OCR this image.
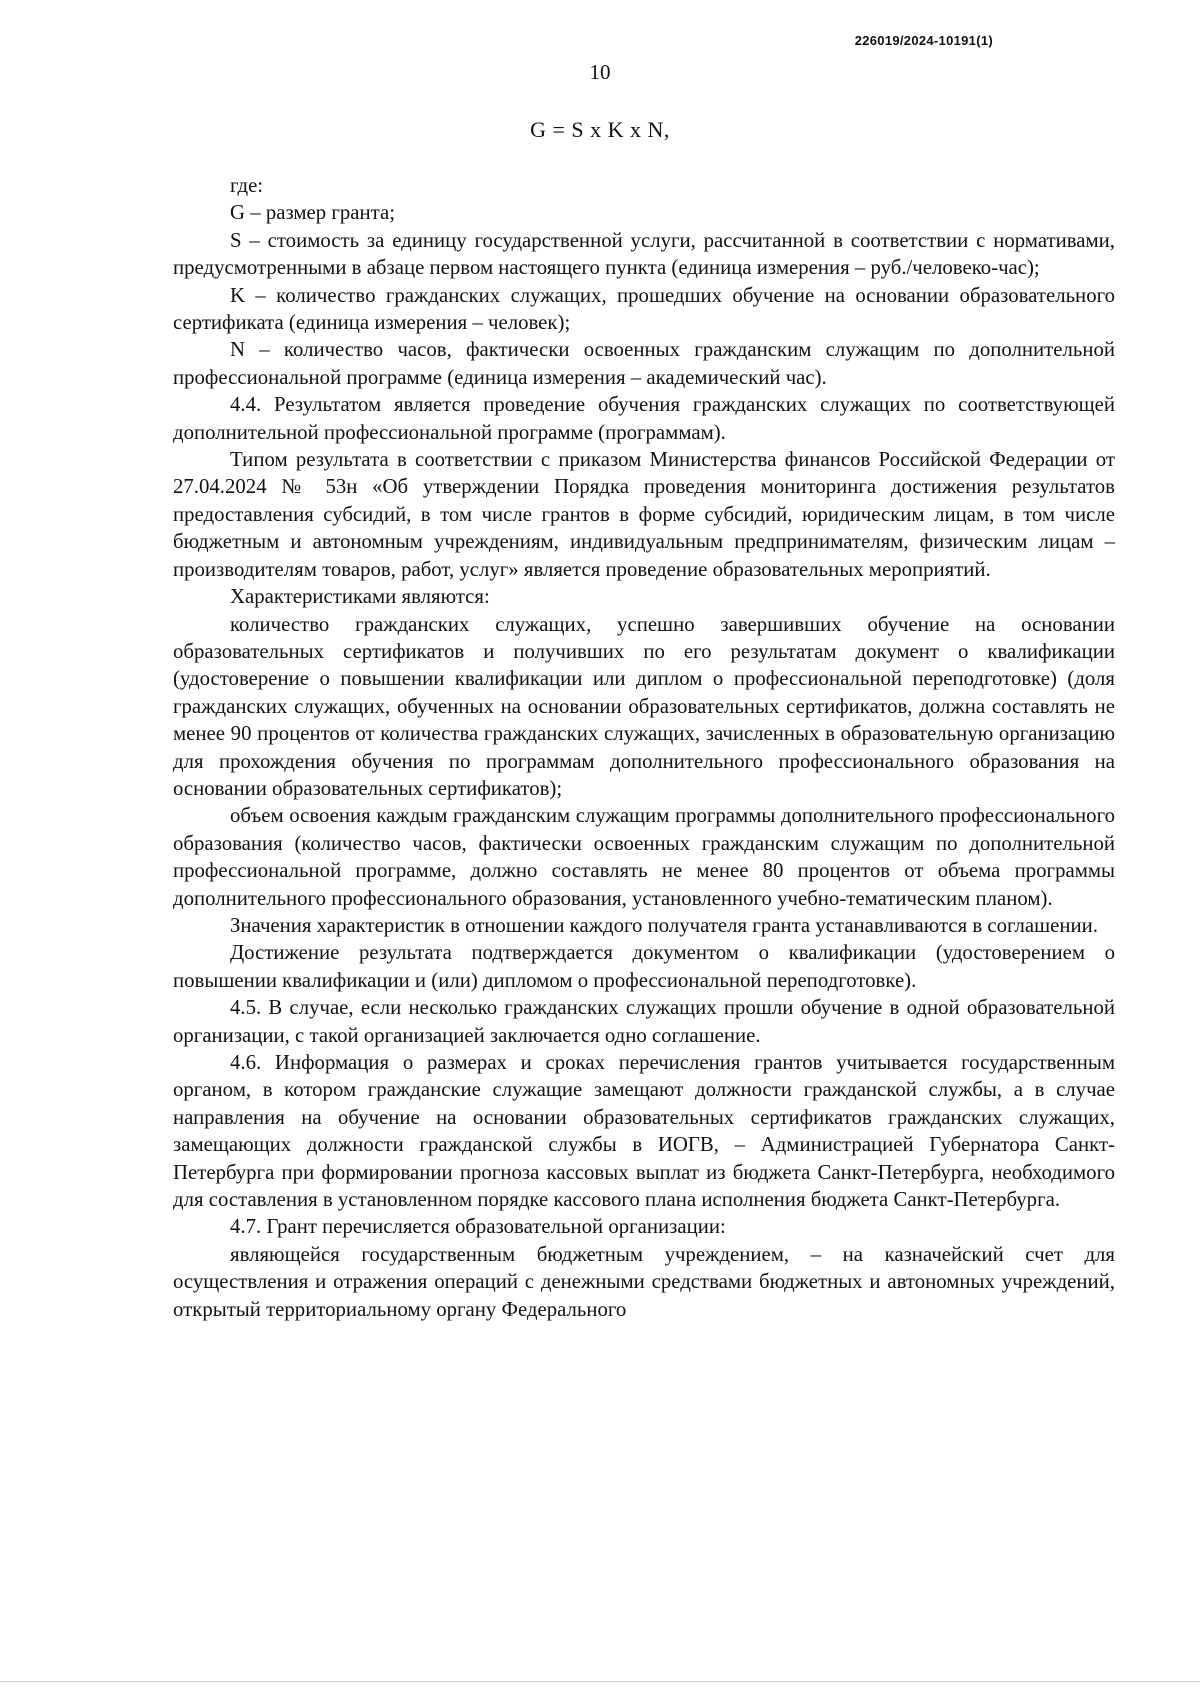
226019/2024-10191(1)
10
G = S x K x N,

где:

G – размер гранта;

S – стоимость за единицу государственной услуги, рассчитанной в соответствии с нормативами, предусмотренными в абзаце первом настоящего пункта (единица измерения – руб./человеко-час);

K – количество гражданских служащих, прошедших обучение на основании образовательного сертификата (единица измерения – человек);

N – количество часов, фактически освоенных гражданским служащим по дополнительной профессиональной программе (единица измерения – академический час).

4.4. Результатом является проведение обучения гражданских служащих по соответствующей дополнительной профессиональной программе (программам).

Типом результата в соответствии с приказом Министерства финансов Российской Федерации от 27.04.2024 № 53н «Об утверждении Порядка проведения мониторинга достижения результатов предоставления субсидий, в том числе грантов в форме субсидий, юридическим лицам, в том числе бюджетным и автономным учреждениям, индивидуальным предпринимателям, физическим лицам – производителям товаров, работ, услуг» является проведение образовательных мероприятий.

Характеристиками являются:

количество гражданских служащих, успешно завершивших обучение на основании образовательных сертификатов и получивших по его результатам документ о квалификации (удостоверение о повышении квалификации или диплом о профессиональной переподготовке) (доля гражданских служащих, обученных на основании образовательных сертификатов, должна составлять не менее 90 процентов от количества гражданских служащих, зачисленных в образовательную организацию для прохождения обучения по программам дополнительного профессионального образования на основании образовательных сертификатов);

объем освоения каждым гражданским служащим программы дополнительного профессионального образования (количество часов, фактически освоенных гражданским служащим по дополнительной профессиональной программе, должно составлять не менее 80 процентов от объема программы дополнительного профессионального образования, установленного учебно-тематическим планом).

Значения характеристик в отношении каждого получателя гранта устанавливаются в соглашении.

Достижение результата подтверждается документом о квалификации (удостоверением о повышении квалификации и (или) дипломом о профессиональной переподготовке).

4.5. В случае, если несколько гражданских служащих прошли обучение в одной образовательной организации, с такой организацией заключается одно соглашение.

4.6. Информация о размерах и сроках перечисления грантов учитывается государственным органом, в котором гражданские служащие замещают должности гражданской службы, а в случае направления на обучение на основании образовательных сертификатов гражданских служащих, замещающих должности гражданской службы в ИОГВ, – Администрацией Губернатора Санкт-Петербурга при формировании прогноза кассовых выплат из бюджета Санкт-Петербурга, необходимого для составления в установленном порядке кассового плана исполнения бюджета Санкт-Петербурга.

4.7. Грант перечисляется образовательной организации:

являющейся государственным бюджетным учреждением, – на казначейский счет для осуществления и отражения операций с денежными средствами бюджетных и автономных учреждений, открытый территориальному органу Федерального
